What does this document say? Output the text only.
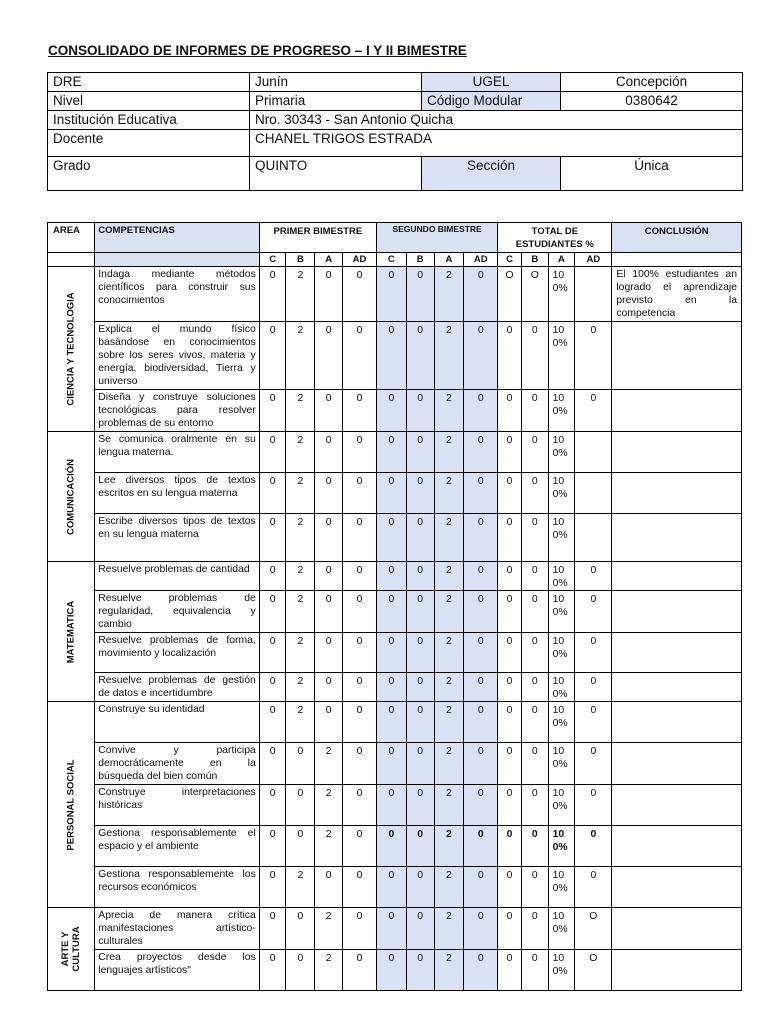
CONSOLIDADO DE INFORMES DE PROGRESO – I Y II BIMESTRE
DRE	Junín	UGEL	Concepción
Nivel	Primaria	Código Modular	0380642
Institución Educativa	Nro. 30343 - San Antonio Quicha		
Docente	CHANEL TRIGOS ESTRADA		
Grado	QUINTO	Sección	Única
AREA	COMPETENCIAS	PRIMER BIMESTRE				SEGUNDO BIMESTRE				TOTAL DE ESTUDIANTES %				CONCLUSIÓN
		C	B	A	AD	C	B	A	AD	C	B	A	AD	

CIENCIA Y TECNOLOGIA	Indaga mediante métodos científicos para construir sus conocimientos	0	2	0	0	0	0	2	0	O	O	100%		El 100% estudiantes an logrado el aprendizaje previsto en la competencia
	Explica el mundo físico basándose en conocimientos sobre los seres vivos, materia y energía, biodiversidad, Tierra y universo	0	2	0	0	0	0	2	0	0	0	100%	0	
	Diseña y construye soluciones tecnológicas para resolver problemas de su entorno	0	2	0	0	0	0	2	0	0	0	100%	0	

COMUNICACIÓN	Se comunica oralmente en su lengua materna.	0	2	0	0	0	0	2	0	0	0	100%		
	Lee diversos tipos de textos escritos en su lengua materna	0	2	0	0	0	0	2	0	0	0	100%		
	Escribe diversos tipos de textos en su lengua materna	0	2	0	0	0	0	2	0	0	0	100%		

MATEMATICA	Resuelve problemas de cantidad	0	2	0	0	0	0	2	0	0	0	100%	0	
	Resuelve problemas de regularidad, equivalencia y cambio	0	2	0	0	0	0	2	0	0	0	100%	0	
	Resuelve problemas de forma, movimiento y localización	0	2	0	0	0	0	2	0	0	0	100%	0	
	Resuelve problemas de gestión de datos e incertidumbre	0	2	0	0	0	0	2	0	0	0	100%	0	

PERSONAL SOCIAL	Construye su identidad	0	2	0	0	0	0	2	0	0	0	100%	0	
	Convive y participa democráticamente en la búsqueda del bien común	0	0	2	0	0	0	2	0	0	0	100%	0	
	Construye interpretaciones históricas	0	0	2	0	0	0	2	0	0	0	100%	0	
	Gestiona responsablemente el espacio y el ambiente	0	0	2	0	0	0	2	0	0	0	100%	0	
	Gestiona responsablemente los recursos económicos	0	2	0	0	0	0	2	0	0	0	100%	0	

ARTE Y CULTURA	Aprecia de manera crítica manifestaciones artístico-culturales	0	0	2	0	0	0	2	0	0	0	100%	O	
	Crea proyectos desde los lenguajes artísticos"	0	0	2	0	0	0	2	0	0	0	100%	O	
